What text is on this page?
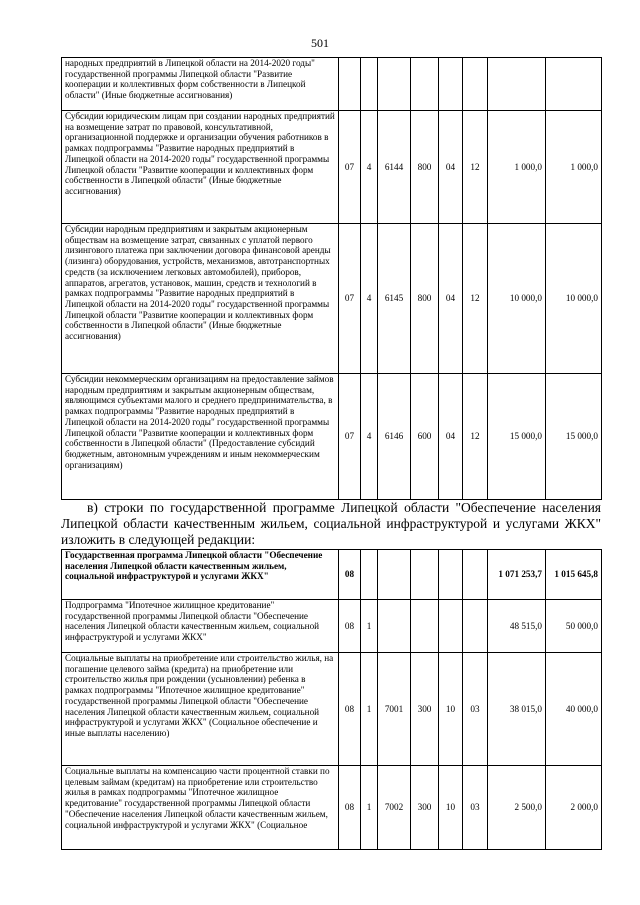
501
народных предприятий в Липецкой области на 2014-2020 годы" государственной программы Липецкой области "Развитие кооперации и коллективных форм собственности в Липецкой области" (Иные бюджетные ассигнования)								
Субсидии юридическим лицам при создании народных предприятий на возмещение затрат по правовой, консультативной, организационной поддержке и организации обучения работников в рамках подпрограммы "Развитие народных предприятий в Липецкой области на 2014-2020 годы" государственной программы Липецкой области "Развитие кооперации и коллективных форм собственности в Липецкой области" (Иные бюджетные ассигнования)	07	4	6144	800	04	12	1 000,0	1 000,0
Субсидии народным предприятиям и закрытым акционерным обществам на возмещение затрат, связанных с уплатой первого лизингового платежа при заключении договора финансовой аренды (лизинга) оборудования, устройств, механизмов, автотранспортных средств (за исключением легковых автомобилей), приборов, аппаратов, агрегатов, установок, машин, средств и технологий в рамках подпрограммы "Развитие народных предприятий в Липецкой области на 2014-2020 годы" государственной программы Липецкой области "Развитие кооперации и коллективных форм собственности в Липецкой области" (Иные бюджетные ассигнования)	07	4	6145	800	04	12	10 000,0	10 000,0
Субсидии некоммерческим организациям на предоставление займов народным предприятиям и закрытым акционерным обществам, являющимся субъектами малого и среднего предпринимательства, в рамках подпрограммы "Развитие народных предприятий в Липецкой области на 2014-2020 годы" государственной программы Липецкой области "Развитие кооперации и коллективных форм собственности в Липецкой области" (Предоставление субсидий бюджетным, автономным учреждениям и иным некоммерческим организациям)	07	4	6146	600	04	12	15 000,0	15 000,0
в) строки по государственной программе Липецкой области "Обеспечение населения Липецкой области качественным жильем, социальной инфраструктурой и услугами ЖКХ" изложить в следующей редакции:
Государственная программа Липецкой области "Обеспечение населения Липецкой области качественным жильем, социальной инфраструктурой и услугами ЖКХ"	08						1 071 253,7	1 015 645,8
Подпрограмма "Ипотечное жилищное кредитование" государственной программы Липецкой области "Обеспечение населения Липецкой области качественным жильем, социальной инфраструктурой и услугами ЖКХ"	08	1					48 515,0	50 000,0
Социальные выплаты на приобретение или строительство жилья, на погашение целевого займа (кредита) на приобретение или строительство жилья при рождении (усыновлении) ребенка в рамках подпрограммы "Ипотечное жилищное кредитование" государственной программы Липецкой области "Обеспечение населения Липецкой области качественным жильем, социальной инфраструктурой и услугами ЖКХ" (Социальное обеспечение и иные выплаты населению)	08	1	7001	300	10	03	38 015,0	40 000,0
Социальные выплаты на компенсацию части процентной ставки по целевым займам (кредитам) на приобретение или строительство жилья в рамках подпрограммы "Ипотечное жилищное кредитование" государственной программы Липецкой области "Обеспечение населения Липецкой области качественным жильем, социальной инфраструктурой и услугами ЖКХ" (Социальное	08	1	7002	300	10	03	2 500,0	2 000,0
